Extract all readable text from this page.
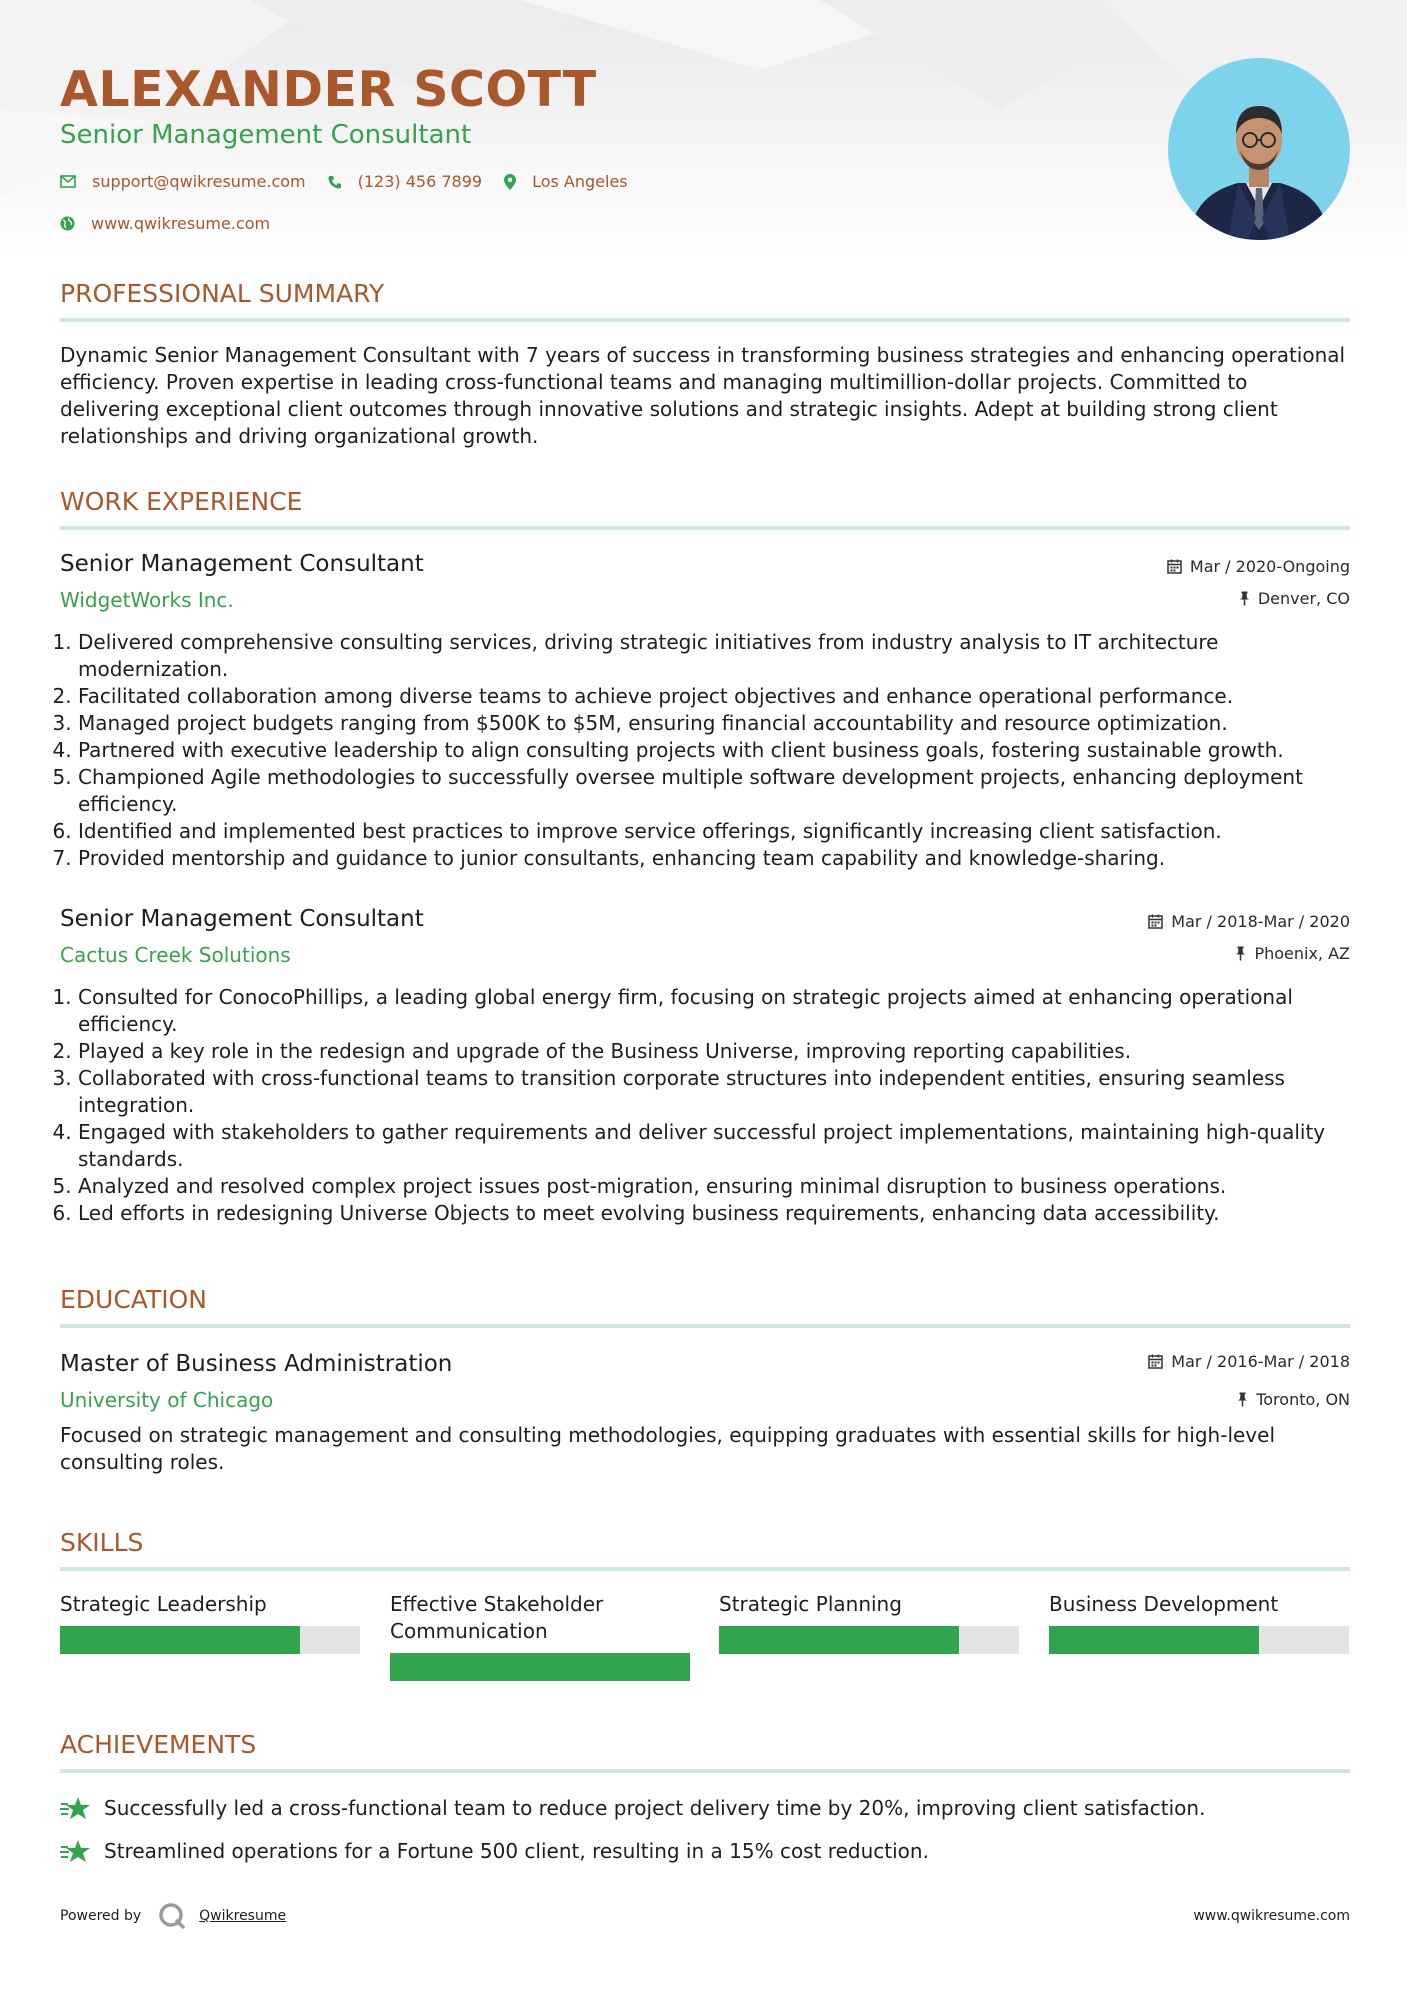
ALEXANDER SCOTT
Senior Management Consultant
support@qwikresume.com	(123) 456 7899	Los Angeles
www.qwikresume.com
PROFESSIONAL SUMMARY

Dynamic Senior Management Consultant with 7 years of success in transforming business strategies and enhancing operational efficiency. Proven expertise in leading cross-functional teams and managing multimillion-dollar projects. Committed to delivering exceptional client outcomes through innovative solutions and strategic insights. Adept at building strong client relationships and driving organizational growth.

WORK EXPERIENCE
Senior Management Consultant
WidgetWorks Inc.
Mar / 2020-Ongoing
Denver, CO
1. Delivered comprehensive consulting services, driving strategic initiatives from industry analysis to IT architecture modernization.
2. Facilitated collaboration among diverse teams to achieve project objectives and enhance operational performance.
3. Managed project budgets ranging from $500K to $5M, ensuring financial accountability and resource optimization.
4. Partnered with executive leadership to align consulting projects with client business goals, fostering sustainable growth.
5. Championed Agile methodologies to successfully oversee multiple software development projects, enhancing deployment efficiency.
6. Identified and implemented best practices to improve service offerings, significantly increasing client satisfaction.
7. Provided mentorship and guidance to junior consultants, enhancing team capability and knowledge-sharing.
Senior Management Consultant
Cactus Creek Solutions
Mar / 2018-Mar / 2020
Phoenix, AZ
1. Consulted for ConocoPhillips, a leading global energy firm, focusing on strategic projects aimed at enhancing operational efficiency.
2. Played a key role in the redesign and upgrade of the Business Universe, improving reporting capabilities.
3. Collaborated with cross-functional teams to transition corporate structures into independent entities, ensuring seamless integration.
4. Engaged with stakeholders to gather requirements and deliver successful project implementations, maintaining high-quality standards.
5. Analyzed and resolved complex project issues post-migration, ensuring minimal disruption to business operations.
6. Led efforts in redesigning Universe Objects to meet evolving business requirements, enhancing data accessibility.
EDUCATION
Master of Business Administration
University of Chicago
Mar / 2016-Mar / 2018
Toronto, ON

Focused on strategic management and consulting methodologies, equipping graduates with essential skills for high-level consulting roles.

SKILLS
Strategic Leadership	Effective Stakeholder Communication
Strategic Planning	Business Development
ACHIEVEMENTS
Successfully led a cross-functional team to reduce project delivery time by 20%, improving client satisfaction.
Streamlined operations for a Fortune 500 client, resulting in a 15% cost reduction.
Powered by	Qwikresume	www.qwikresume.com
